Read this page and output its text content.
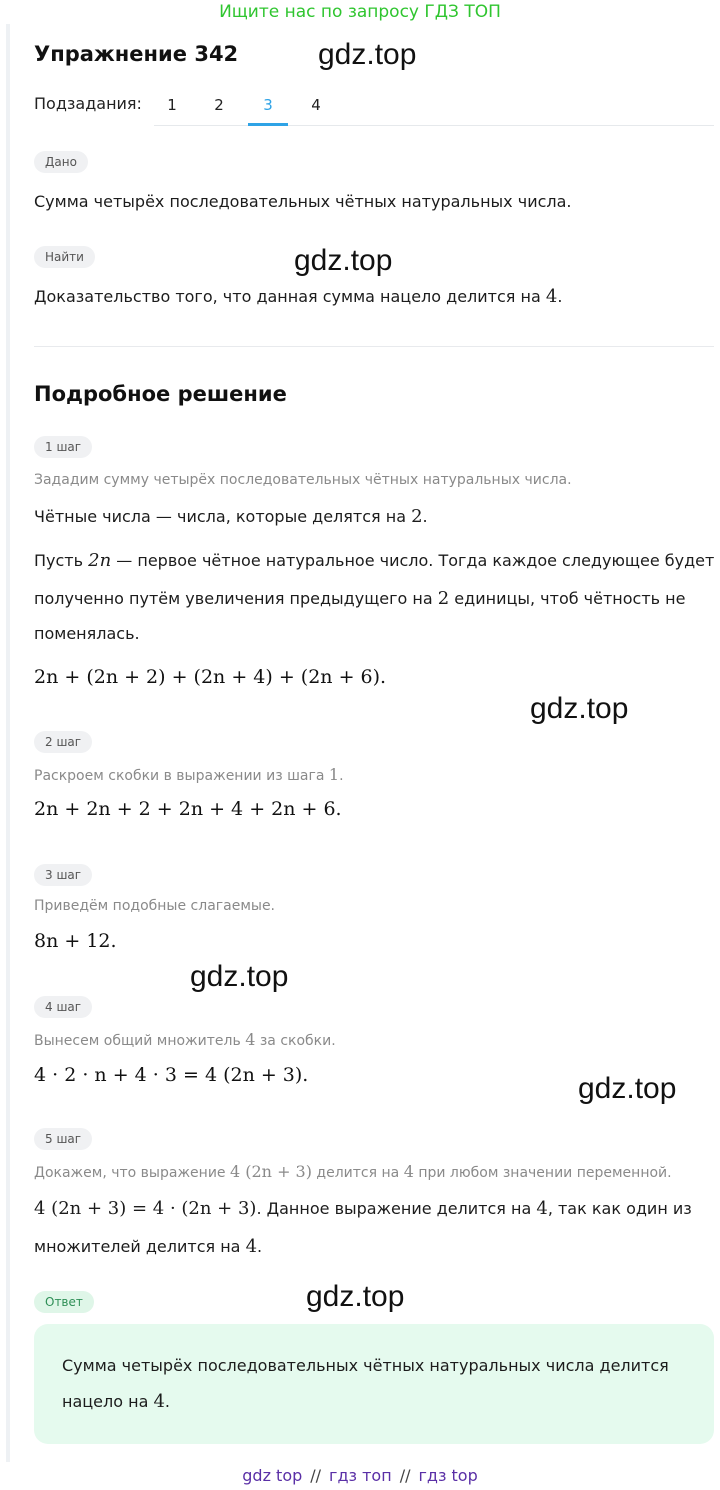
Ищите нас по запросу ГДЗ ТОП
Упражнение 342
Подзадания:	1	2	3	4
Дано
Сумма четырёх последовательных чётных натуральных числа.
Найти
Доказательство того, что данная сумма нацело делится на 4.
Подробное решение
1 шаг
Зададим сумму четырёх последовательных чётных натуральных числа.
Чётные числа — числа, которые делятся на 2.
Пусть 2n — первое чётное натуральное число. Тогда каждое следующее будет
полученно путём увеличения предыдущего на 2 единицы, чтоб чётность не
поменялась.
2n + (2n + 2) + (2n + 4) + (2n + 6).
2 шаг
Раскроем скобки в выражении из шага 1.
2n + 2n + 2 + 2n + 4 + 2n + 6.
3 шаг
Приведём подобные слагаемые.
8n + 12.
4 шаг
Вынесем общий множитель 4 за скобки.
4 · 2 · n + 4 · 3 = 4 (2n + 3).
5 шаг
Докажем, что выражение 4 (2n + 3) делится на 4 при любом значении переменной.
4 (2n + 3) = 4 · (2n + 3). Данное выражение делится на 4, так как один из
множителей делится на 4.
Ответ
Сумма четырёх последовательных чётных натуральных числа делится
нацело на 4.
gdz.top
gdz.top
gdz.top
gdz.top
gdz.top
gdz.top
gdz top // гдз топ // гдз top
